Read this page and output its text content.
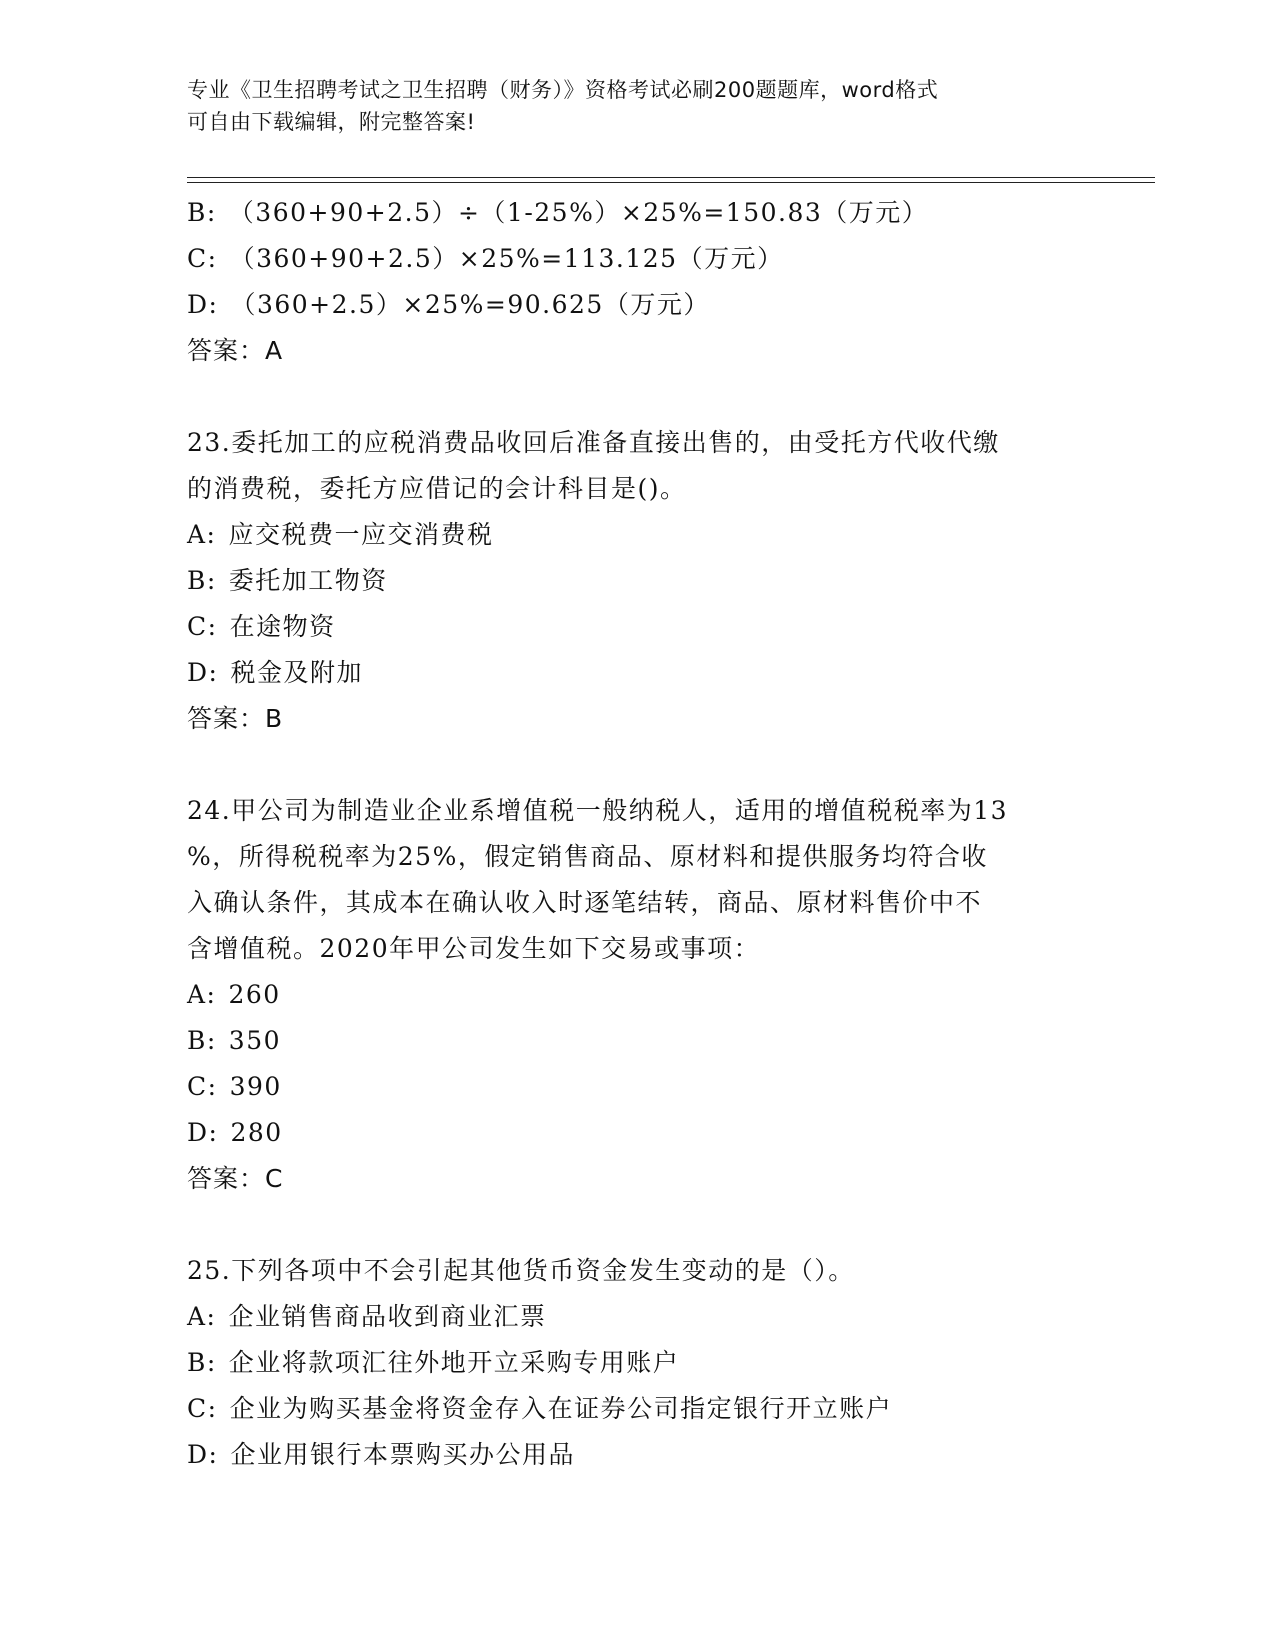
专业《卫生招聘考试之卫生招聘（财务）》资格考试必刷200题题库，word格式
可自由下载编辑，附完整答案!
B: （360+90+2.5）÷（1-25%）×25%=150.83（万元）
C: （360+90+2.5）×25%=113.125（万元）
D: （360+2.5）×25%=90.625（万元）
答案：A
23.委托加工的应税消费品收回后准备直接出售的，由受托方代收代缴
的消费税，委托方应借记的会计科目是()。
A: 应交税费一应交消费税
B: 委托加工物资
C: 在途物资
D: 税金及附加
答案：B
24.甲公司为制造业企业系增值税一般纳税人，适用的增值税税率为13
%，所得税税率为25%，假定销售商品、原材料和提供服务均符合收
入确认条件，其成本在确认收入时逐笔结转，商品、原材料售价中不
含增值税。2020年甲公司发生如下交易或事项：
A: 260
B: 350
C: 390
D: 280
答案：C
25.下列各项中不会引起其他货币资金发生变动的是（）。
A: 企业销售商品收到商业汇票
B: 企业将款项汇往外地开立采购专用账户
C: 企业为购买基金将资金存入在证券公司指定银行开立账户
D: 企业用银行本票购买办公用品
